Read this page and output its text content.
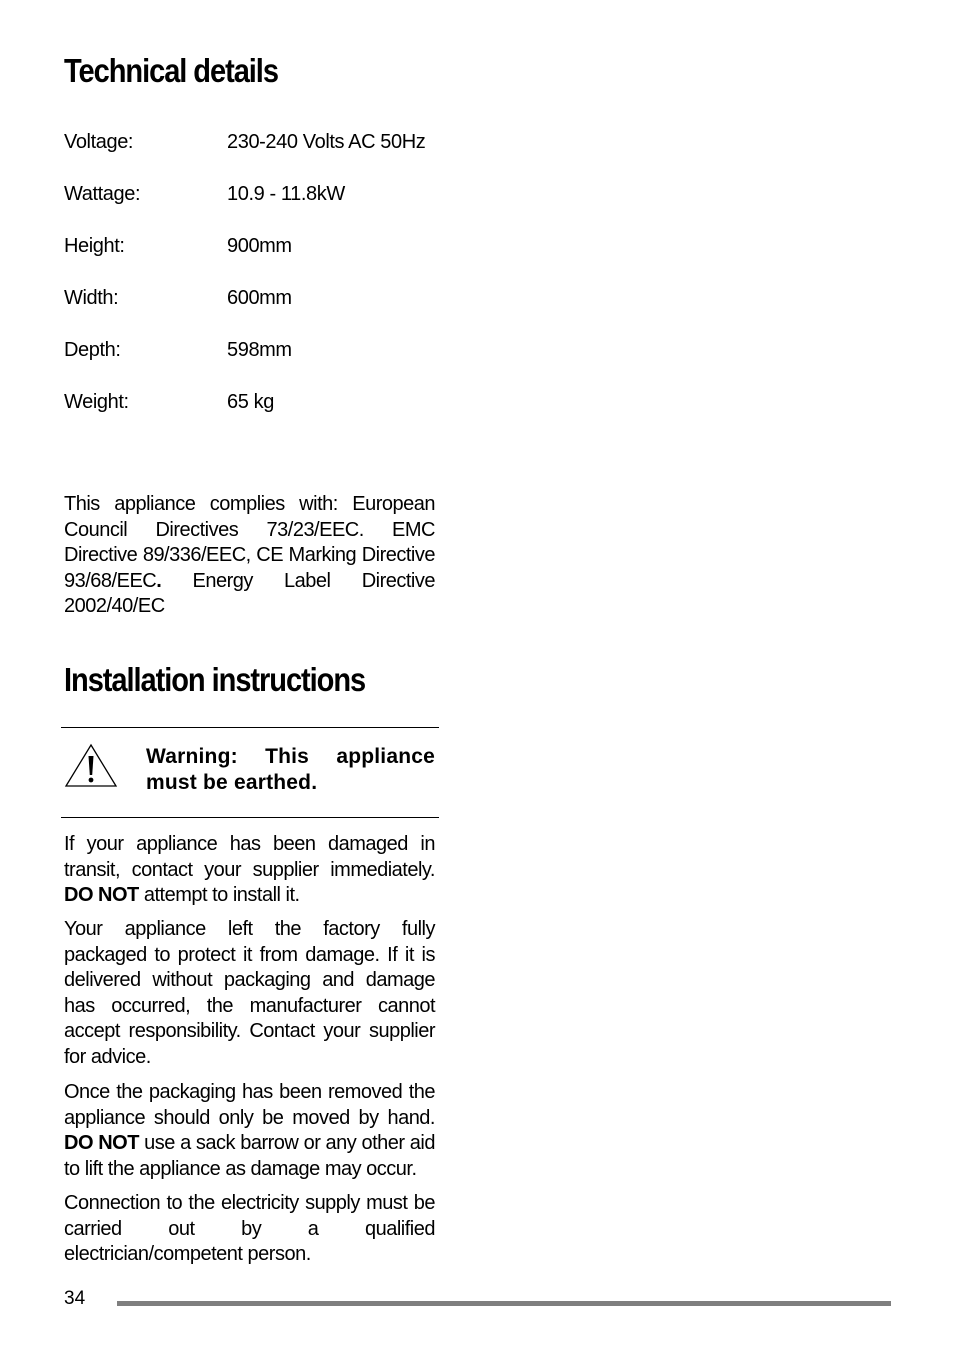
Technical details
Voltage:	230-240 Volts AC 50Hz
Wattage:	10.9 - 11.8kW
Height:	900mm
Width:	600mm
Depth:	598mm
Weight:	65 kg

This appliance complies with: European Council Directives 73/23/EEC. EMC Directive 89/336/EEC, CE Marking Directive 93/68/EEC. Energy Label Directive 2002/40/EC

Installation instructions
Warning: This appliance must be earthed.

If your appliance has been damaged in transit, contact your supplier immediately. DO NOT attempt to install it.

Your appliance left the factory fully packaged to protect it from damage. If it is delivered without packaging and damage has occurred, the manufacturer cannot accept responsibility. Contact your supplier for advice.

Once the packaging has been removed the appliance should only be moved by hand. DO NOT use a sack barrow or any other aid to lift the appliance as damage may occur.

Connection to the electricity supply must be carried out by a qualified electrician/competent person.

34
